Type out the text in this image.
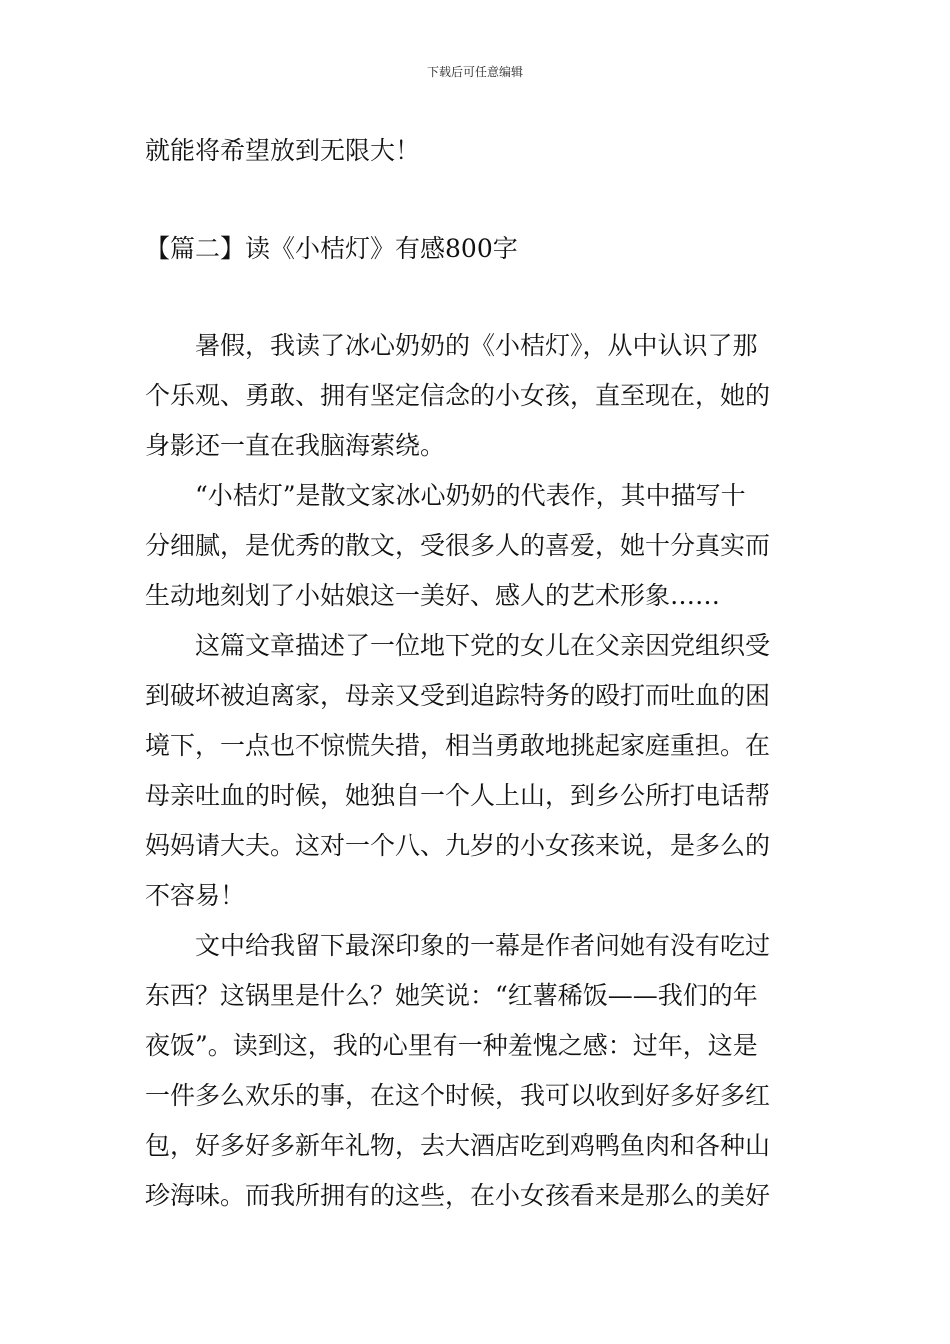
下载后可任意编辑

就能将希望放到无限大！

【篇二】读《小桔灯》有感800字

暑假，我读了冰心奶奶的《小桔灯》，从中认识了那

个乐观、勇敢、拥有坚定信念的小女孩，直至现在，她的

身影还一直在我脑海萦绕。

“小桔灯”是散文家冰心奶奶的代表作，其中描写十

分细腻，是优秀的散文，受很多人的喜爱，她十分真实而

生动地刻划了小姑娘这一美好、感人的艺术形象……

这篇文章描述了一位地下党的女儿在父亲因党组织受

到破坏被迫离家，母亲又受到追踪特务的殴打而吐血的困

境下，一点也不惊慌失措，相当勇敢地挑起家庭重担。在

母亲吐血的时候，她独自一个人上山，到乡公所打电话帮

妈妈请大夫。这对一个八、九岁的小女孩来说，是多么的

不容易！

文中给我留下最深印象的一幕是作者问她有没有吃过

东西？这锅里是什么？她笑说：“红薯稀饭——我们的年

夜饭”。读到这，我的心里有一种羞愧之感：过年，这是

一件多么欢乐的事，在这个时候，我可以收到好多好多红

包，好多好多新年礼物，去大酒店吃到鸡鸭鱼肉和各种山

珍海味。而我所拥有的这些，在小女孩看来是那么的美好
